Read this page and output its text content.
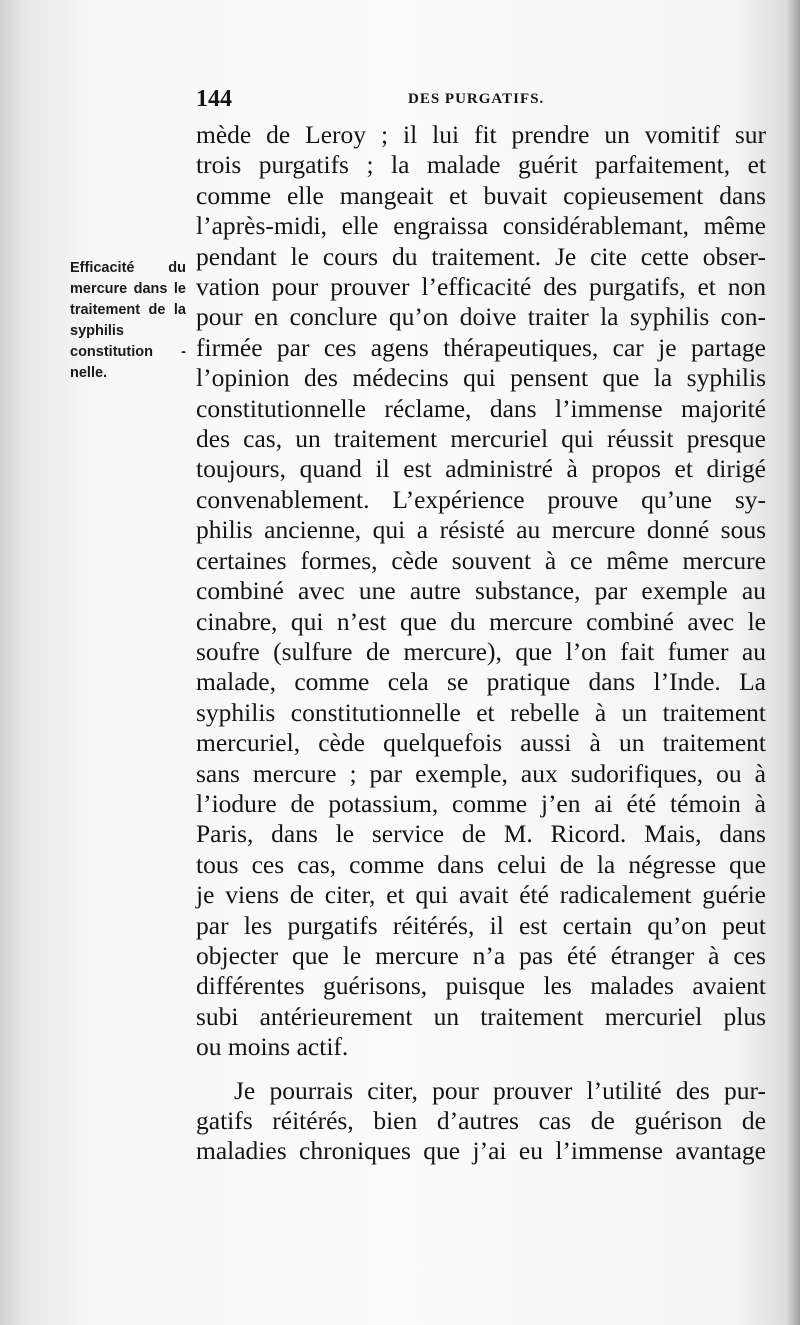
144	DES PURGATIFS.
Efficacité du mercure dans le traitement de la syphilis constitution - nelle.
mède de Leroy ; il lui fit prendre un vomitif sur
trois purgatifs ; la malade guérit parfaitement, et
comme elle mangeait et buvait copieusement dans
l’après-midi, elle engraissa considérablemant, même
pendant le cours du traitement. Je cite cette obser-
vation pour prouver l’efficacité des purgatifs, et non
pour en conclure qu’on doive traiter la syphilis con-
firmée par ces agens thérapeutiques, car je partage
l’opinion des médecins qui pensent que la syphilis
constitutionnelle réclame, dans l’immense majorité
des cas, un traitement mercuriel qui réussit presque
toujours, quand il est administré à propos et dirigé
convenablement. L’expérience prouve qu’une sy-
philis ancienne, qui a résisté au mercure donné sous
certaines formes, cède souvent à ce même mercure
combiné avec une autre substance, par exemple au
cinabre, qui n’est que du mercure combiné avec le
soufre (sulfure de mercure), que l’on fait fumer au
malade, comme cela se pratique dans l’Inde. La
syphilis constitutionnelle et rebelle à un traitement
mercuriel, cède quelquefois aussi à un traitement
sans mercure ; par exemple, aux sudorifiques, ou à
l’iodure de potassium, comme j’en ai été témoin à
Paris, dans le service de M. Ricord. Mais, dans
tous ces cas, comme dans celui de la négresse que
je viens de citer, et qui avait été radicalement guérie
par les purgatifs réitérés, il est certain qu’on peut
objecter que le mercure n’a pas été étranger à ces
différentes guérisons, puisque les malades avaient
subi antérieurement un traitement mercuriel plus
ou moins actif.
Je pourrais citer, pour prouver l’utilité des pur-
gatifs réitérés, bien d’autres cas de guérison de
maladies chroniques que j’ai eu l’immense avantage
